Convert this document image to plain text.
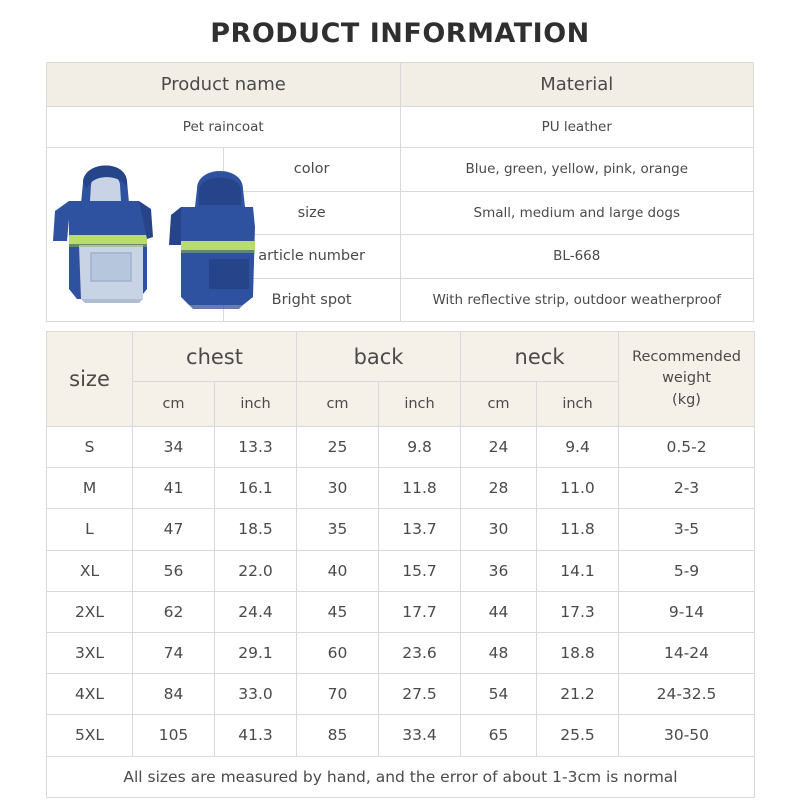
PRODUCT INFORMATION
Product name		Material
Pet raincoat		PU leather

	color	Blue, green, yellow, pink, orange
	size	Small, medium and large dogs
	article number	BL-668
	Bright spot	With reflective strip, outdoor weatherproof
size	chest		back		neck		Recommended
weight
(kg)

	cm	inch	cm	inch	cm	inch	
S	34	13.3	25	9.8	24	9.4	0.5-2
M	41	16.1	30	11.8	28	11.0	2-3
L	47	18.5	35	13.7	30	11.8	3-5
XL	56	22.0	40	15.7	36	14.1	5-9
2XL	62	24.4	45	17.7	44	17.3	9-14
3XL	74	29.1	60	23.6	48	18.8	14-24
4XL	84	33.0	70	27.5	54	21.2	24-32.5
5XL	105	41.3	85	33.4	65	25.5	30-50
All sizes are measured by hand, and the error of about 1-3cm is normal							
